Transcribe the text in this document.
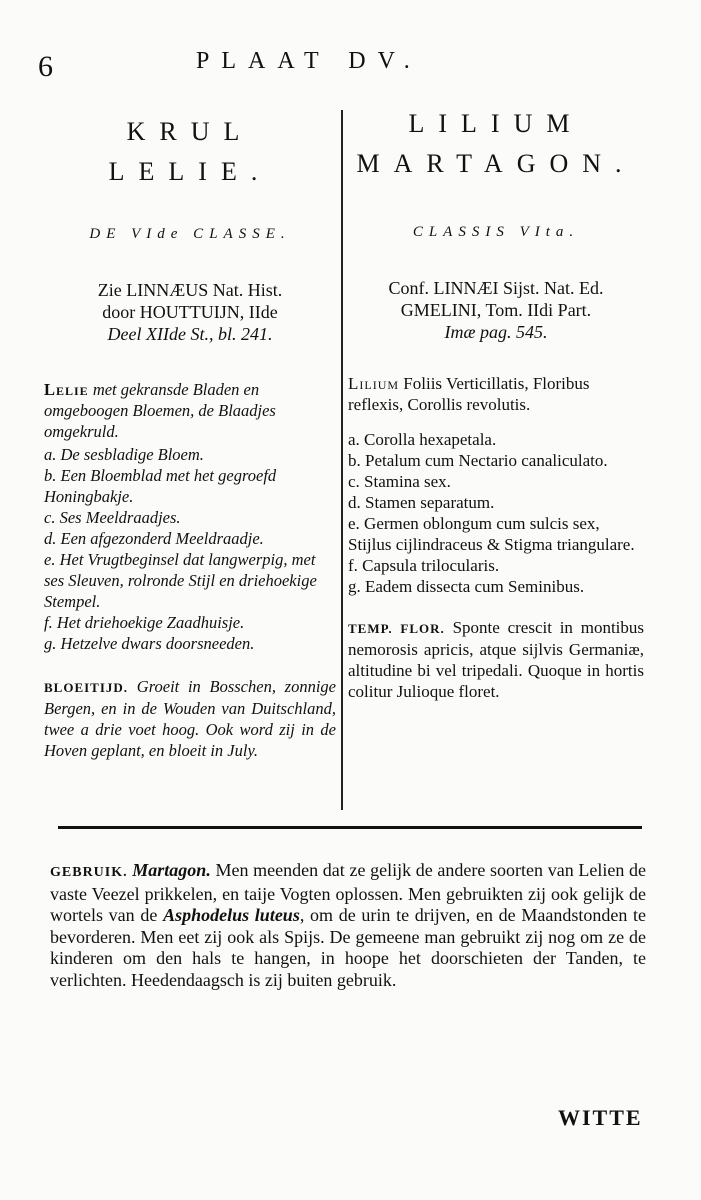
6	PLAAT DV.
KRUL
LELIE.
DE VIde CLASSE.
Zie LINNÆUS Nat. Hist.
door HOUTTUIJN, IIde
Deel XIIde St., bl. 241.
Lelie met gekransde Bladen en omgeboogen Bloemen, de Blaadjes omgekruld.

a. De sesbladige Bloem.

b. Een Bloemblad met het gegroefd Honingbakje.

c. Ses Meeldraadjes.

d. Een afgezonderd Meeldraadje.

e. Het Vrugtbeginsel dat langwerpig, met ses Sleuven, rolronde Stijl en driehoekige Stempel.

f. Het driehoekige Zaadhuisje.

g. Hetzelve dwars doorsneeden.

BLOEITIJD. Groeit in Bosschen, zonnige Bergen, en in de Wouden van Duitschland, twee a drie voet hoog. Ook word zij in de Hoven geplant, en bloeit in July.
LILIUM
MARTAGON.
CLASSIS VIta.
Conf. LINNÆI Sijst. Nat. Ed.
GMELINI, Tom. IIdi Part.
Imæ pag. 545.
Lilium Foliis Verticillatis, Floribus reflexis, Corollis revolutis.

a. Corolla hexapetala.

b. Petalum cum Nectario canaliculato.

c. Stamina sex.

d. Stamen separatum.

e. Germen oblongum cum sulcis sex, Stijlus cijlindraceus & Stigma triangulare.

f. Capsula trilocularis.

g. Eadem dissecta cum Seminibus.

TEMP. FLOR. Sponte crescit in montibus nemorosis apricis, atque sijlvis Germaniæ, altitudine bi vel tripedali. Quoque in hortis colitur Julioque floret.
GEBRUIK. Martagon. Men meenden dat ze gelijk de andere soorten van Lelien de vaste Veezel prikkelen, en taije Vogten oplossen. Men gebruikten zij ook gelijk de wortels van de Asphodelus luteus, om de urin te drijven, en de Maandstonden te bevorderen. Men eet zij ook als Spijs. De gemeene man gebruikt zij nog om ze de kinderen om den hals te hangen, in hoope het doorschieten der Tanden, te verlichten. Heedendaagsch is zij buiten gebruik.
WITTE
